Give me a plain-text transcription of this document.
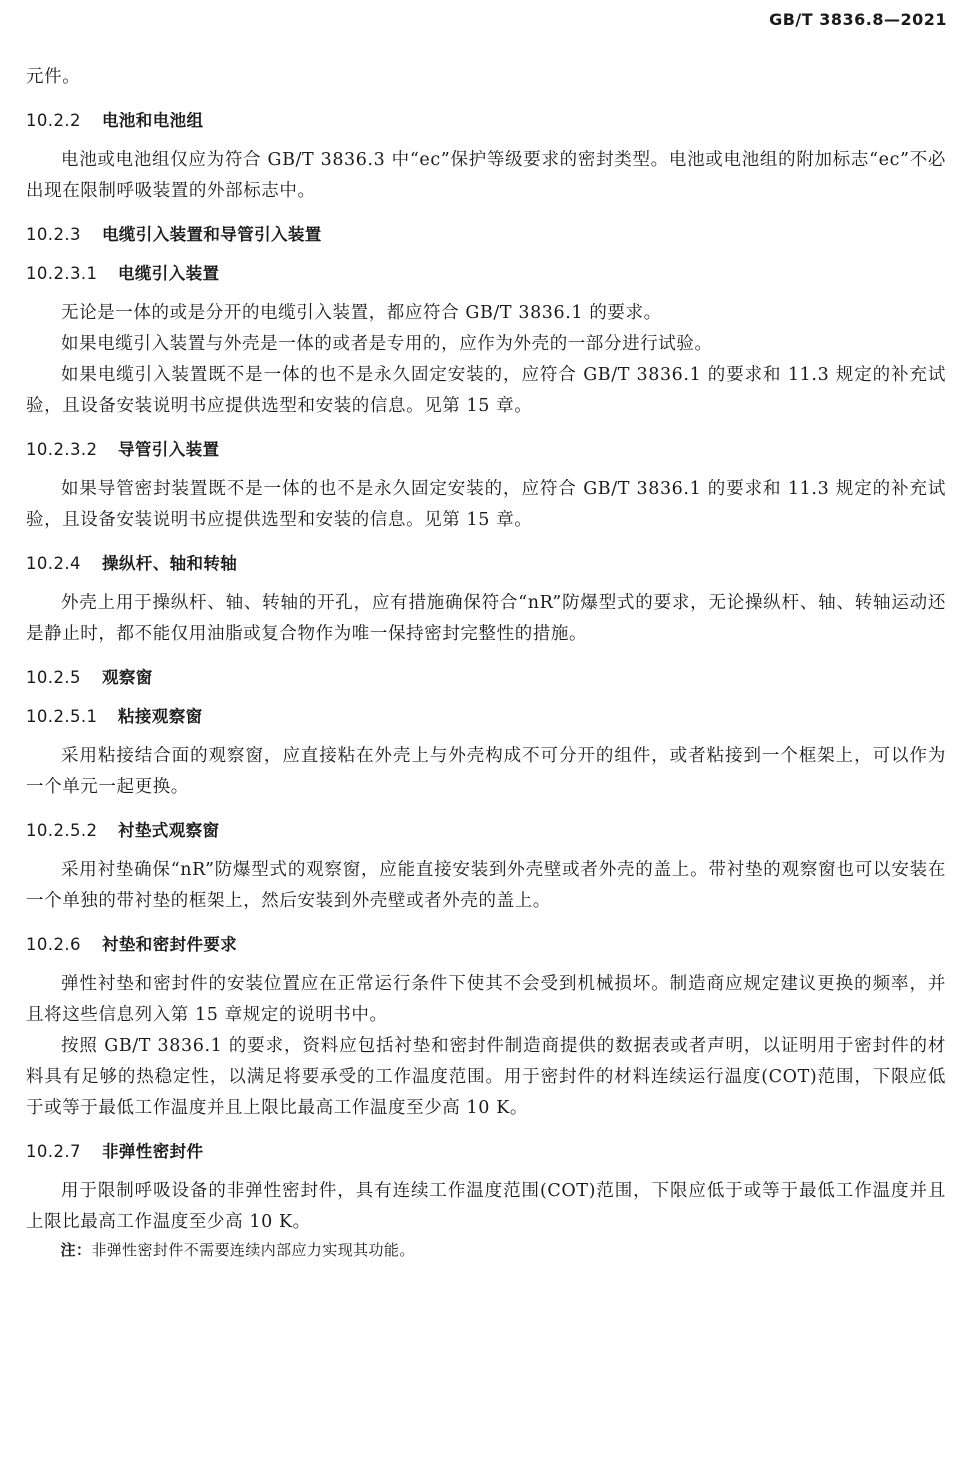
GB/T 3836.8—2021

元件。

10.2.2 电池和电池组

电池或电池组仅应为符合 GB/T 3836.3 中“ec”保护等级要求的密封类型。电池或电池组的附加标志“ec”不必出现在限制呼吸装置的外部标志中。

10.2.3 电缆引入装置和导管引入装置
10.2.3.1 电缆引入装置

无论是一体的或是分开的电缆引入装置，都应符合 GB/T 3836.1 的要求。

如果电缆引入装置与外壳是一体的或者是专用的，应作为外壳的一部分进行试验。

如果电缆引入装置既不是一体的也不是永久固定安装的，应符合 GB/T 3836.1 的要求和 11.3 规定的补充试验，且设备安装说明书应提供选型和安装的信息。见第 15 章。

10.2.3.2 导管引入装置

如果导管密封装置既不是一体的也不是永久固定安装的，应符合 GB/T 3836.1 的要求和 11.3 规定的补充试验，且设备安装说明书应提供选型和安装的信息。见第 15 章。

10.2.4 操纵杆、轴和转轴

外壳上用于操纵杆、轴、转轴的开孔，应有措施确保符合“nR”防爆型式的要求，无论操纵杆、轴、转轴运动还是静止时，都不能仅用油脂或复合物作为唯一保持密封完整性的措施。

10.2.5 观察窗
10.2.5.1 粘接观察窗

采用粘接结合面的观察窗，应直接粘在外壳上与外壳构成不可分开的组件，或者粘接到一个框架上，可以作为一个单元一起更换。

10.2.5.2 衬垫式观察窗

采用衬垫确保“nR”防爆型式的观察窗，应能直接安装到外壳壁或者外壳的盖上。带衬垫的观察窗也可以安装在一个单独的带衬垫的框架上，然后安装到外壳壁或者外壳的盖上。

10.2.6 衬垫和密封件要求

弹性衬垫和密封件的安装位置应在正常运行条件下使其不会受到机械损坏。制造商应规定建议更换的频率，并且将这些信息列入第 15 章规定的说明书中。

按照 GB/T 3836.1 的要求，资料应包括衬垫和密封件制造商提供的数据表或者声明，以证明用于密封件的材料具有足够的热稳定性，以满足将要承受的工作温度范围。用于密封件的材料连续运行温度(COT)范围，下限应低于或等于最低工作温度并且上限比最高工作温度至少高 10 K。

10.2.7 非弹性密封件

用于限制呼吸设备的非弹性密封件，具有连续工作温度范围(COT)范围，下限应低于或等于最低工作温度并且上限比最高工作温度至少高 10 K。

注：非弹性密封件不需要连续内部应力实现其功能。
